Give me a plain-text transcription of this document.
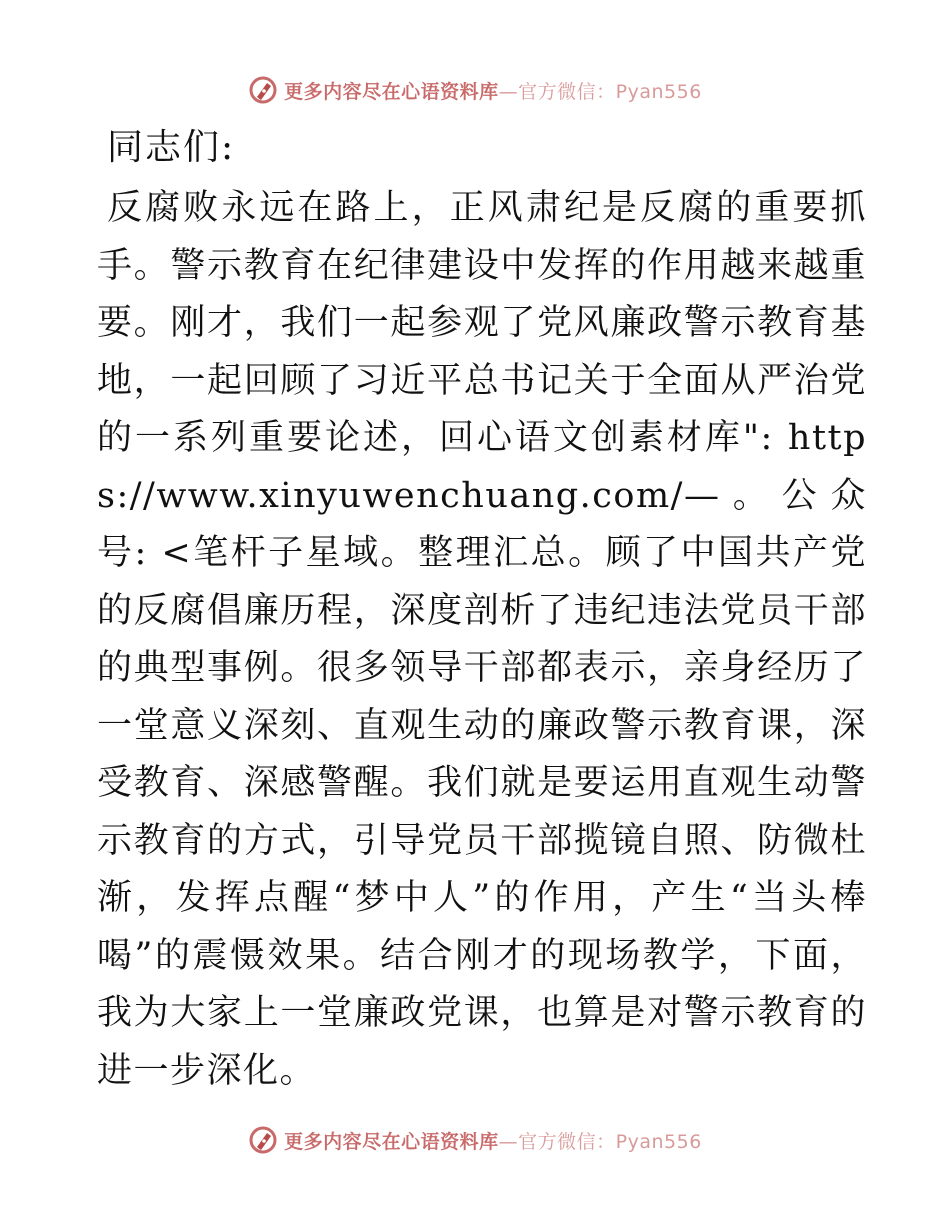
更多内容尽在心语资料库—官方微信：Pyan556

同志们:

反腐败永远在路上，正风肃纪是反腐的重要抓手。警示教育在纪律建设中发挥的作用越来越重要。刚才，我们一起参观了党风廉政警示教育基地，一起回顾了习近平总书记关于全面从严治党的一系列重要论述，回心语文创素材库": https://www.xinyuwenchuang.com/—。公众号: <笔杆子星域。整理汇总。顾了中国共产党的反腐倡廉历程，深度剖析了违纪违法党员干部的典型事例。很多领导干部都表示，亲身经历了一堂意义深刻、直观生动的廉政警示教育课，深受教育、深感警醒。我们就是要运用直观生动警示教育的方式，引导党员干部揽镜自照、防微杜渐，发挥点醒“梦中人”的作用，产生“当头棒喝”的震慑效果。结合刚才的现场教学，下面，我为大家上一堂廉政党课，也算是对警示教育的进一步深化。

更多内容尽在心语资料库—官方微信：Pyan556
